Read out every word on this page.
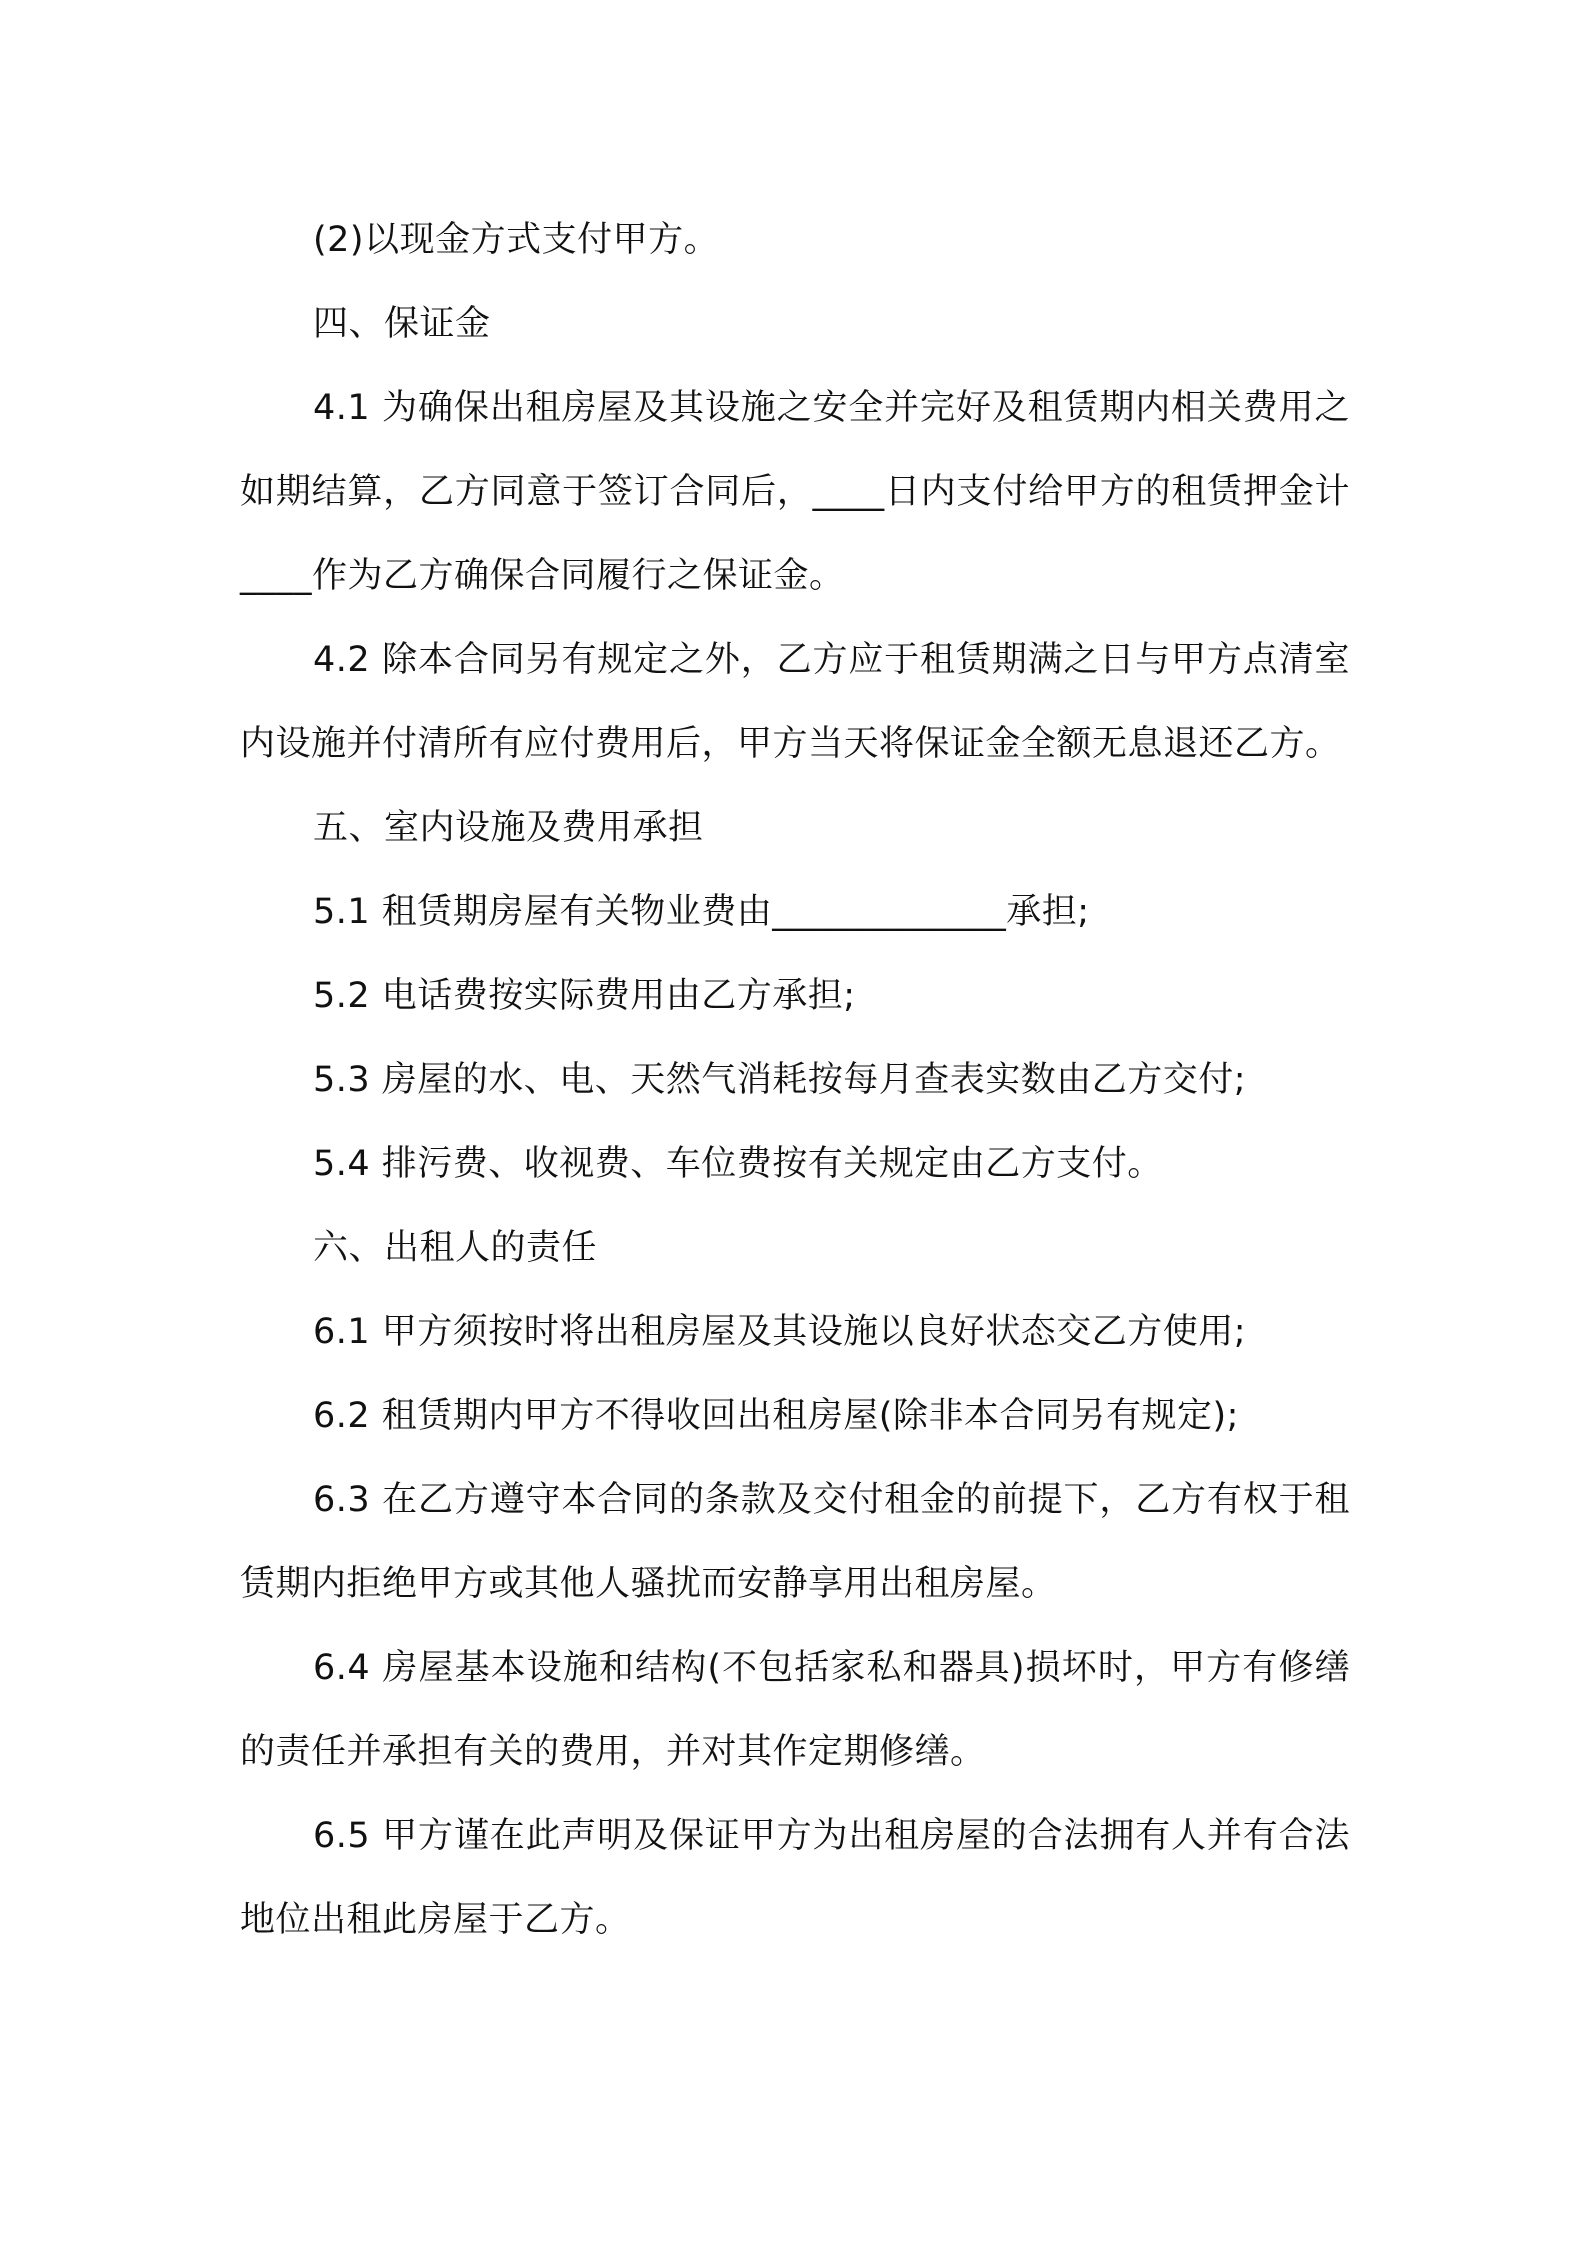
(2)以现金方式支付甲方。

四、保证金

4.1 为确保出租房屋及其设施之安全并完好及租赁期内相关费用之如期结算，乙方同意于签订合同后，____日内支付给甲方的租赁押金计____作为乙方确保合同履行之保证金。

4.2 除本合同另有规定之外，乙方应于租赁期满之日与甲方点清室内设施并付清所有应付费用后，甲方当天将保证金全额无息退还乙方。

五、室内设施及费用承担

5.1 租赁期房屋有关物业费由_____________承担;

5.2 电话费按实际费用由乙方承担;

5.3 房屋的水、电、天然气消耗按每月查表实数由乙方交付;

5.4 排污费、收视费、车位费按有关规定由乙方支付。

六、出租人的责任

6.1 甲方须按时将出租房屋及其设施以良好状态交乙方使用;

6.2 租赁期内甲方不得收回出租房屋(除非本合同另有规定);

6.3 在乙方遵守本合同的条款及交付租金的前提下，乙方有权于租赁期内拒绝甲方或其他人骚扰而安静享用出租房屋。

6.4 房屋基本设施和结构(不包括家私和器具)损坏时，甲方有修缮的责任并承担有关的费用，并对其作定期修缮。

6.5 甲方谨在此声明及保证甲方为出租房屋的合法拥有人并有合法地位出租此房屋于乙方。
